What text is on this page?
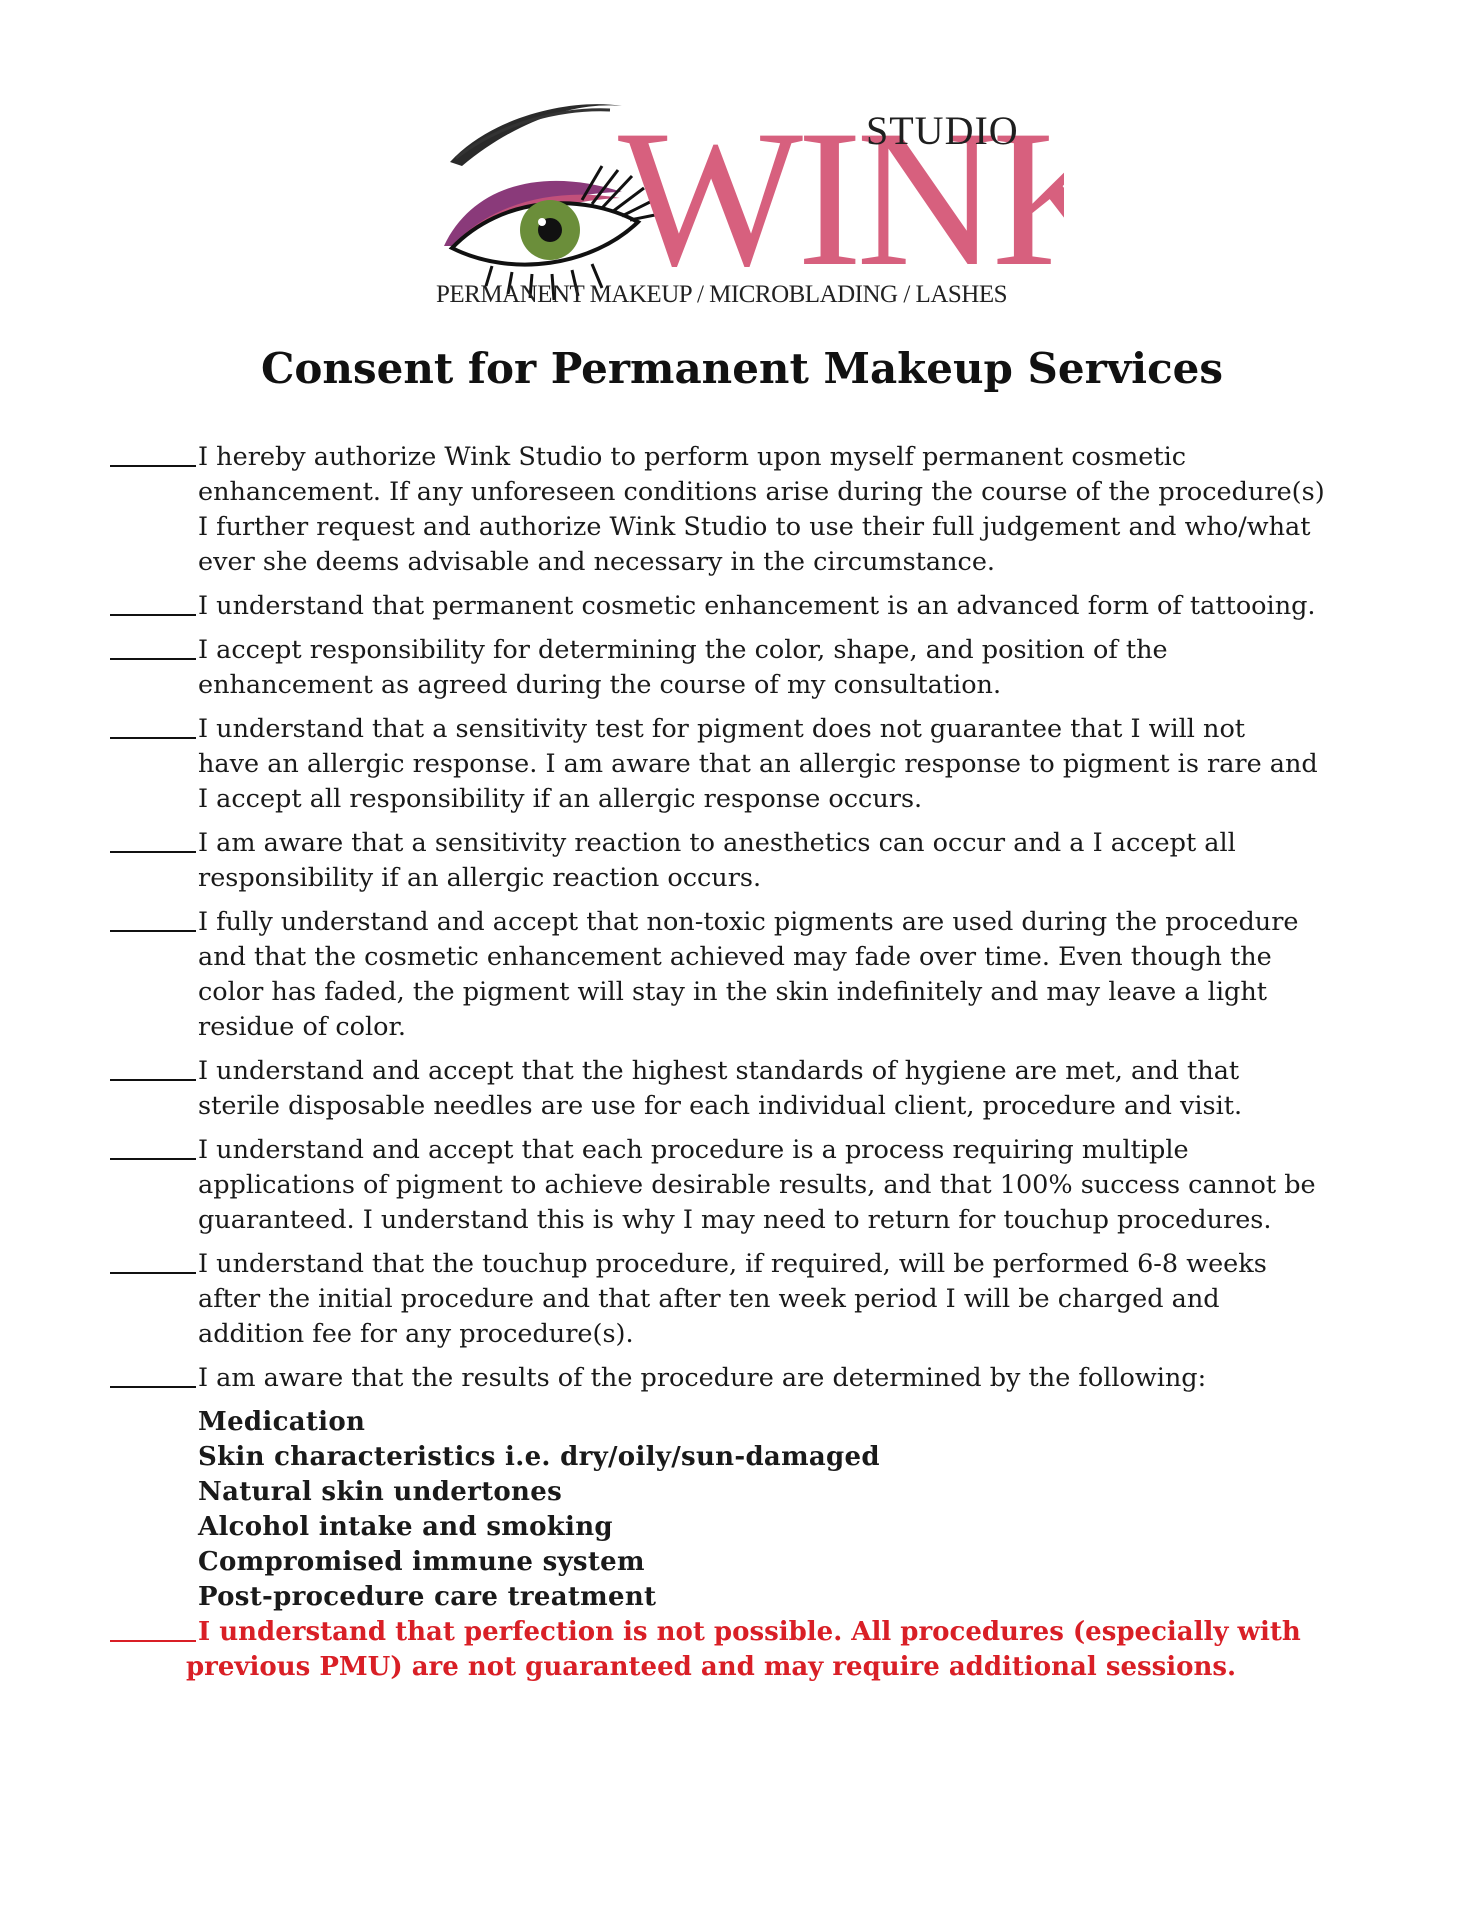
WINK
STUDIO
PERMANENT MAKEUP / MICROBLADING / LASHES
Consent for Permanent Makeup Services
I hereby authorize Wink Studio to perform upon myself permanent cosmetic
enhancement. If any unforeseen conditions arise during the course of the procedure(s)
I further request and authorize Wink Studio to use their full judgement and who/what
ever she deems advisable and necessary in the circumstance.
I understand that permanent cosmetic enhancement is an advanced form of tattooing.
I accept responsibility for determining the color, shape, and position of the
enhancement as agreed during the course of my consultation.
I understand that a sensitivity test for pigment does not guarantee that I will not
have an allergic response. I am aware that an allergic response to pigment is rare and
I accept all responsibility if an allergic response occurs.
I am aware that a sensitivity reaction to anesthetics can occur and a I accept all
responsibility if an allergic reaction occurs.
I fully understand and accept that non-toxic pigments are used during the procedure
and that the cosmetic enhancement achieved may fade over time. Even though the
color has faded, the pigment will stay in the skin indefinitely and may leave a light
residue of color.
I understand and accept that the highest standards of hygiene are met, and that
sterile disposable needles are use for each individual client, procedure and visit.
I understand and accept that each procedure is a process requiring multiple
applications of pigment to achieve desirable results, and that 100% success cannot be
guaranteed. I understand this is why I may need to return for touchup procedures.
I understand that the touchup procedure, if required, will be performed 6-8 weeks
after the initial procedure and that after ten week period I will be charged and
addition fee for any procedure(s).
I am aware that the results of the procedure are determined by the following:
Medication
Skin characteristics i.e. dry/oily/sun-damaged
Natural skin undertones
Alcohol intake and smoking
Compromised immune system
Post-procedure care treatment
I understand that perfection is not possible. All procedures (especially with
previous PMU) are not guaranteed and may require additional sessions.
